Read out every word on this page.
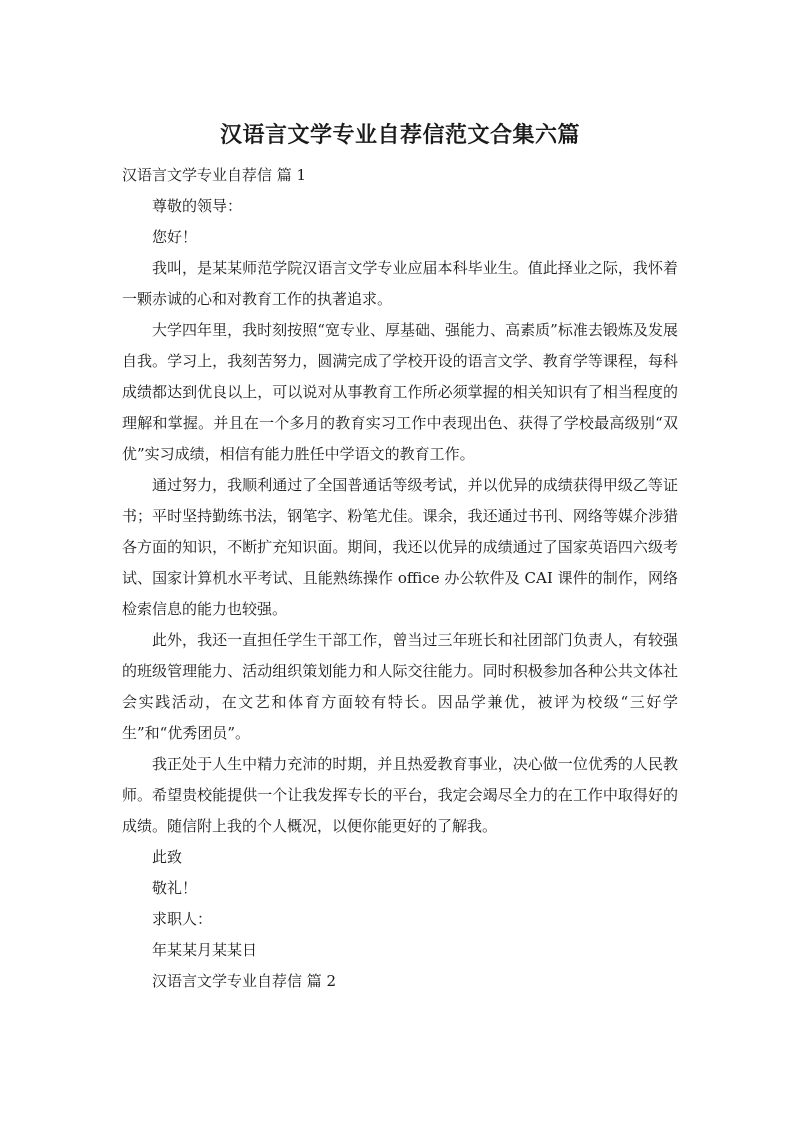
汉语言文学专业自荐信范文合集六篇
汉语言文学专业自荐信 篇 1
尊敬的领导：
您好！
我叫，是某某师范学院汉语言文学专业应届本科毕业生。值此择业之际，我怀着一颗赤诚的心和对教育工作的执著追求。
大学四年里，我时刻按照“宽专业、厚基础、强能力、高素质”标准去锻炼及发展自我。学习上，我刻苦努力，圆满完成了学校开设的语言文学、教育学等课程，每科成绩都达到优良以上，可以说对从事教育工作所必须掌握的相关知识有了相当程度的理解和掌握。并且在一个多月的教育实习工作中表现出色、获得了学校最高级别“双优”实习成绩，相信有能力胜任中学语文的教育工作。
通过努力，我顺利通过了全国普通话等级考试，并以优异的成绩获得甲级乙等证书；平时坚持勤练书法，钢笔字、粉笔尤佳。课余，我还通过书刊、网络等媒介涉猎各方面的知识，不断扩充知识面。期间，我还以优异的成绩通过了国家英语四六级考试、国家计算机水平考试、且能熟练操作 office 办公软件及 CAI 课件的制作，网络检索信息的能力也较强。
此外，我还一直担任学生干部工作，曾当过三年班长和社团部门负责人，有较强的班级管理能力、活动组织策划能力和人际交往能力。同时积极参加各种公共文体社会实践活动，在文艺和体育方面较有特长。因品学兼优，被评为校级“三好学生”和“优秀团员”。
我正处于人生中精力充沛的时期，并且热爱教育事业，决心做一位优秀的人民教师。希望贵校能提供一个让我发挥专长的平台，我定会竭尽全力的在工作中取得好的成绩。随信附上我的个人概况，以便你能更好的了解我。
此致
敬礼！
求职人：
年某某月某某日
汉语言文学专业自荐信 篇 2
